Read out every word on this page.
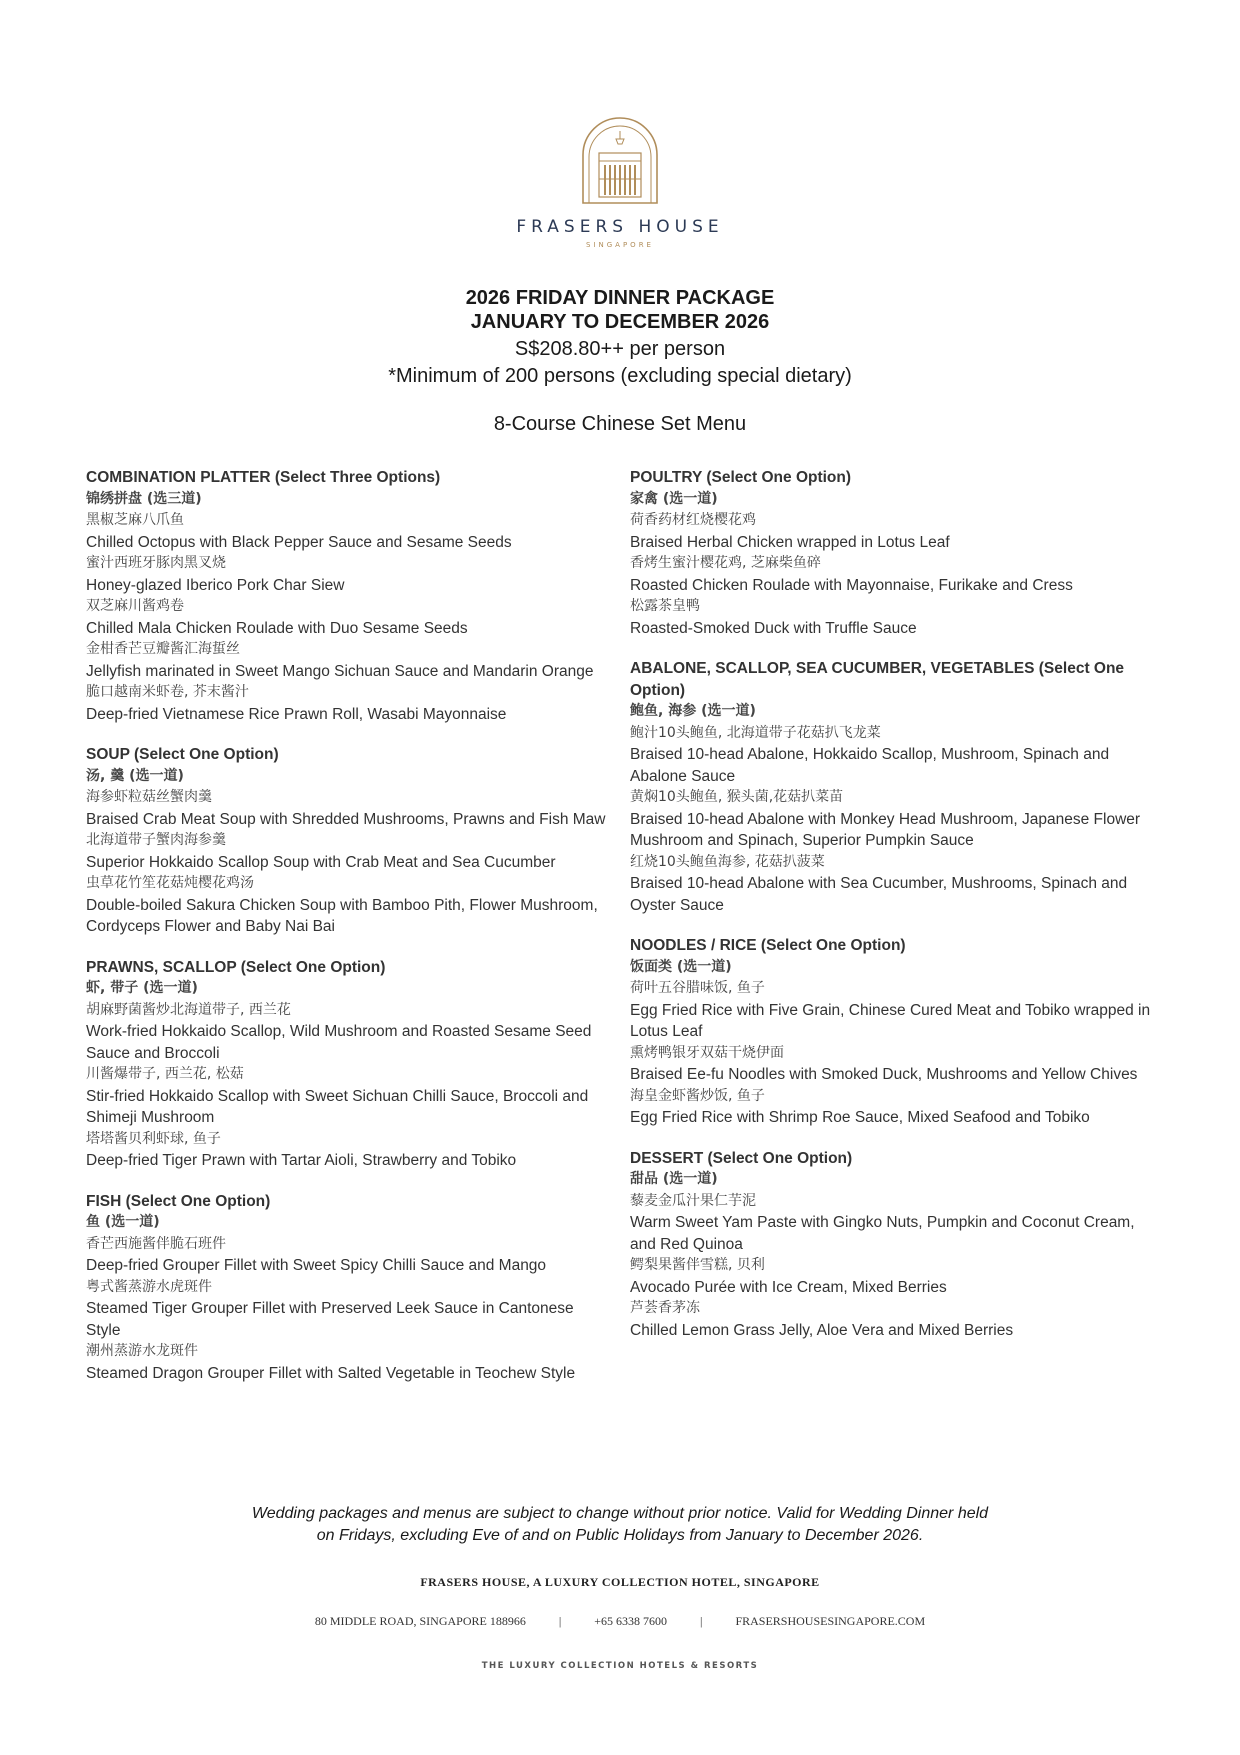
FRASERS HOUSE
SINGAPORE
2026 FRIDAY DINNER PACKAGE
JANUARY TO DECEMBER 2026
S$208.80++ per person
*Minimum of 200 persons (excluding special dietary)
8-Course Chinese Set Menu
COMBINATION PLATTER (Select Three Options)
锦绣拼盘 (选三道)
黑椒芝麻八爪鱼
Chilled Octopus with Black Pepper Sauce and Sesame Seeds
蜜汁西班牙豚肉黑叉烧
Honey-glazed Iberico Pork Char Siew
双芝麻川酱鸡卷
Chilled Mala Chicken Roulade with Duo Sesame Seeds
金柑香芒豆瓣酱汇海蜇丝
Jellyfish marinated in Sweet Mango Sichuan Sauce and Mandarin Orange
脆口越南米虾卷, 芥末酱汁
Deep-fried Vietnamese Rice Prawn Roll, Wasabi Mayonnaise
SOUP (Select One Option)
汤, 羹 (选一道)
海参虾粒菇丝蟹肉羹
Braised Crab Meat Soup with Shredded Mushrooms, Prawns and Fish Maw
北海道带子蟹肉海参羹
Superior Hokkaido Scallop Soup with Crab Meat and Sea Cucumber
虫草花竹笙花菇炖樱花鸡汤
Double-boiled Sakura Chicken Soup with Bamboo Pith, Flower Mushroom, Cordyceps Flower and Baby Nai Bai
PRAWNS, SCALLOP (Select One Option)
虾, 带子 (选一道)
胡麻野菌酱炒北海道带子, 西兰花
Work-fried Hokkaido Scallop, Wild Mushroom and Roasted Sesame Seed Sauce and Broccoli
川酱爆带子, 西兰花, 松菇
Stir-fried Hokkaido Scallop with Sweet Sichuan Chilli Sauce, Broccoli and Shimeji Mushroom
塔塔酱贝利虾球, 鱼子
Deep-fried Tiger Prawn with Tartar Aioli, Strawberry and Tobiko
FISH (Select One Option)
鱼 (选一道)
香芒西施酱伴脆石班件
Deep-fried Grouper Fillet with Sweet Spicy Chilli Sauce and Mango
粤式酱蒸游水虎斑件
Steamed Tiger Grouper Fillet with Preserved Leek Sauce in Cantonese Style
潮州蒸游水龙斑件
Steamed Dragon Grouper Fillet with Salted Vegetable in Teochew Style
POULTRY (Select One Option)
家禽 (选一道)
荷香药材红烧樱花鸡
Braised Herbal Chicken wrapped in Lotus Leaf
香烤生蜜汁樱花鸡, 芝麻柴鱼碎
Roasted Chicken Roulade with Mayonnaise, Furikake and Cress
松露茶皇鸭
Roasted-Smoked Duck with Truffle Sauce
ABALONE, SCALLOP, SEA CUCUMBER, VEGETABLES (Select One Option)
鲍鱼, 海参 (选一道)
鲍汁10头鲍鱼, 北海道带子花菇扒飞龙菜
Braised 10-head Abalone, Hokkaido Scallop, Mushroom, Spinach and Abalone Sauce
黄焖10头鲍鱼, 猴头菌,花菇扒菜苗
Braised 10-head Abalone with Monkey Head Mushroom, Japanese Flower Mushroom and Spinach, Superior Pumpkin Sauce
红烧10头鲍鱼海参, 花菇扒菠菜
Braised 10-head Abalone with Sea Cucumber, Mushrooms, Spinach and Oyster Sauce
NOODLES / RICE (Select One Option)
饭面类 (选一道)
荷叶五谷腊味饭, 鱼子
Egg Fried Rice with Five Grain, Chinese Cured Meat and Tobiko wrapped in Lotus Leaf
熏烤鸭银牙双菇干烧伊面
Braised Ee-fu Noodles with Smoked Duck, Mushrooms and Yellow Chives
海皇金虾酱炒饭, 鱼子
Egg Fried Rice with Shrimp Roe Sauce, Mixed Seafood and Tobiko
DESSERT (Select One Option)
甜品 (选一道)
藜麦金瓜汁果仁芋泥
Warm Sweet Yam Paste with Gingko Nuts, Pumpkin and Coconut Cream, and Red Quinoa
鳄梨果酱伴雪糕, 贝利
Avocado Purée with Ice Cream, Mixed Berries
芦荟香茅冻
Chilled Lemon Grass Jelly, Aloe Vera and Mixed Berries
Wedding packages and menus are subject to change without prior notice. Valid for Wedding Dinner held
on Fridays, excluding Eve of and on Public Holidays from January to December 2026.
FRASERS HOUSE, A LUXURY COLLECTION HOTEL, SINGAPORE
80 MIDDLE ROAD, SINGAPORE 188966	|	+65 6338 7600	|	FRASERSHOUSESINGAPORE.COM
THE LUXURY COLLECTION HOTELS & RESORTS
